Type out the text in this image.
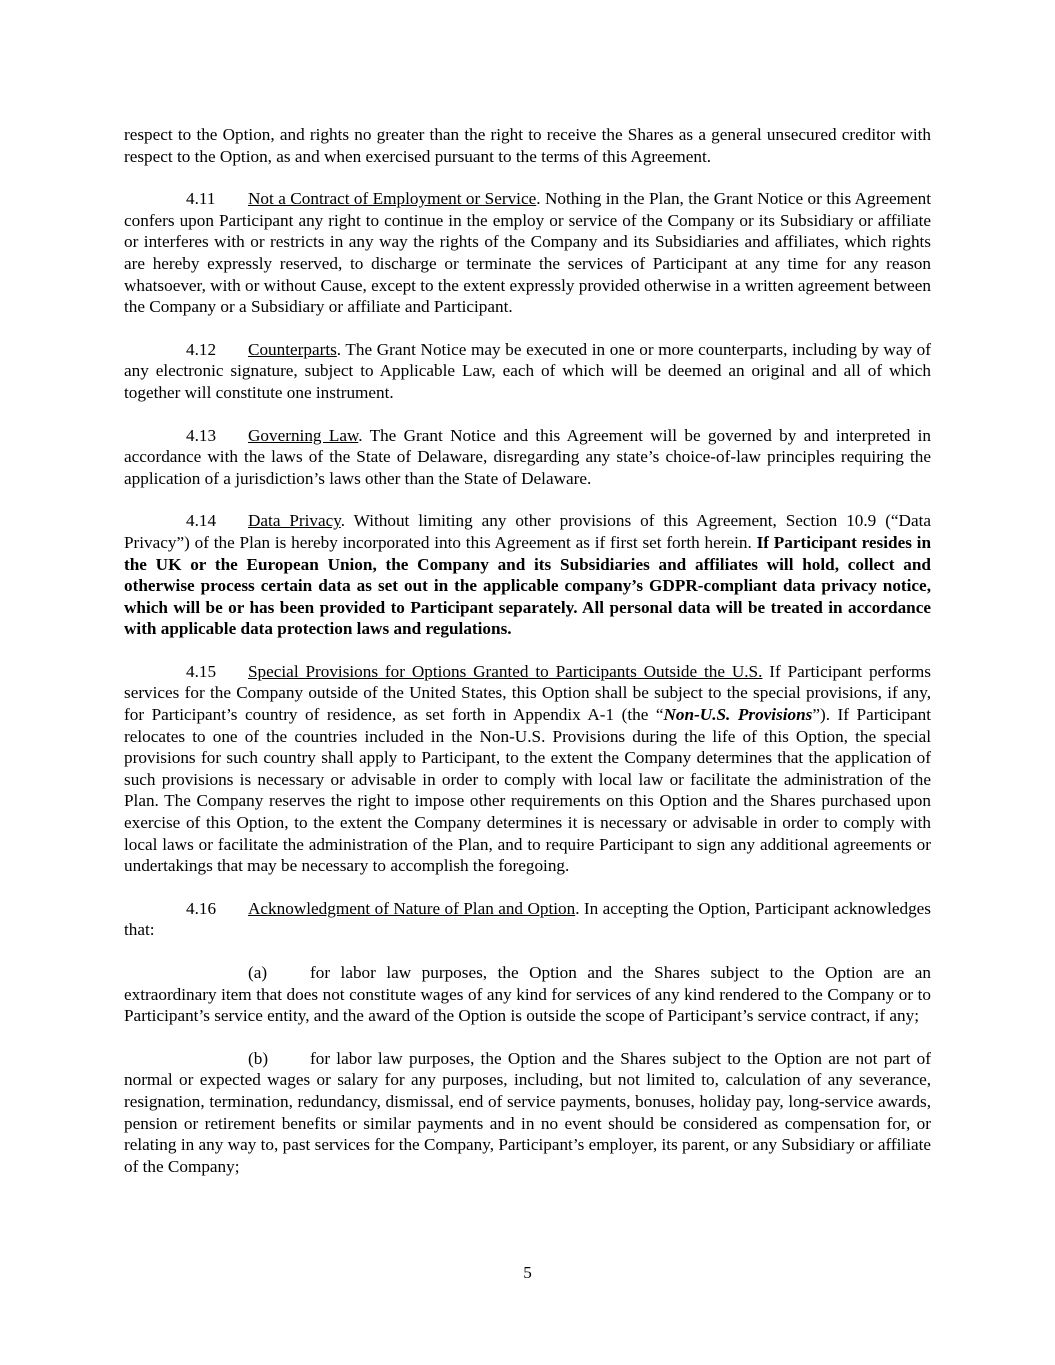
respect to the Option, and rights no greater than the right to receive the Shares as a general unsecured creditor with respect to the Option, as and when exercised pursuant to the terms of this Agreement.

4.11 Not a Contract of Employment or Service. Nothing in the Plan, the Grant Notice or this Agreement confers upon Participant any right to continue in the employ or service of the Company or its Subsidiary or affiliate or interferes with or restricts in any way the rights of the Company and its Subsidiaries and affiliates, which rights are hereby expressly reserved, to discharge or terminate the services of Participant at any time for any reason whatsoever, with or without Cause, except to the extent expressly provided otherwise in a written agreement between the Company or a Subsidiary or affiliate and Participant.

4.12 Counterparts. The Grant Notice may be executed in one or more counterparts, including by way of any electronic signature, subject to Applicable Law, each of which will be deemed an original and all of which together will constitute one instrument.

4.13 Governing Law. The Grant Notice and this Agreement will be governed by and interpreted in accordance with the laws of the State of Delaware, disregarding any state’s choice-of-law principles requiring the application of a jurisdiction’s laws other than the State of Delaware.

4.14 Data Privacy. Without limiting any other provisions of this Agreement, Section 10.9 (“Data Privacy”) of the Plan is hereby incorporated into this Agreement as if first set forth herein. If Participant resides in the UK or the European Union, the Company and its Subsidiaries and affiliates will hold, collect and otherwise process certain data as set out in the applicable company’s GDPR-compliant data privacy notice, which will be or has been provided to Participant separately. All personal data will be treated in accordance with applicable data protection laws and regulations.

4.15 Special Provisions for Options Granted to Participants Outside the U.S. If Participant performs services for the Company outside of the United States, this Option shall be subject to the special provisions, if any, for Participant’s country of residence, as set forth in Appendix A-1 (the “Non-U.S. Provisions”). If Participant relocates to one of the countries included in the Non-U.S. Provisions during the life of this Option, the special provisions for such country shall apply to Participant, to the extent the Company determines that the application of such provisions is necessary or advisable in order to comply with local law or facilitate the administration of the Plan. The Company reserves the right to impose other requirements on this Option and the Shares purchased upon exercise of this Option, to the extent the Company determines it is necessary or advisable in order to comply with local laws or facilitate the administration of the Plan, and to require Participant to sign any additional agreements or undertakings that may be necessary to accomplish the foregoing.

4.16 Acknowledgment of Nature of Plan and Option. In accepting the Option, Participant acknowledges that:

(a) for labor law purposes, the Option and the Shares subject to the Option are an extraordinary item that does not constitute wages of any kind for services of any kind rendered to the Company or to Participant’s service entity, and the award of the Option is outside the scope of Participant’s service contract, if any;

(b) for labor law purposes, the Option and the Shares subject to the Option are not part of normal or expected wages or salary for any purposes, including, but not limited to, calculation of any severance, resignation, termination, redundancy, dismissal, end of service payments, bonuses, holiday pay, long-service awards, pension or retirement benefits or similar payments and in no event should be considered as compensation for, or relating in any way to, past services for the Company, Participant’s employer, its parent, or any Subsidiary or affiliate of the Company;

5
